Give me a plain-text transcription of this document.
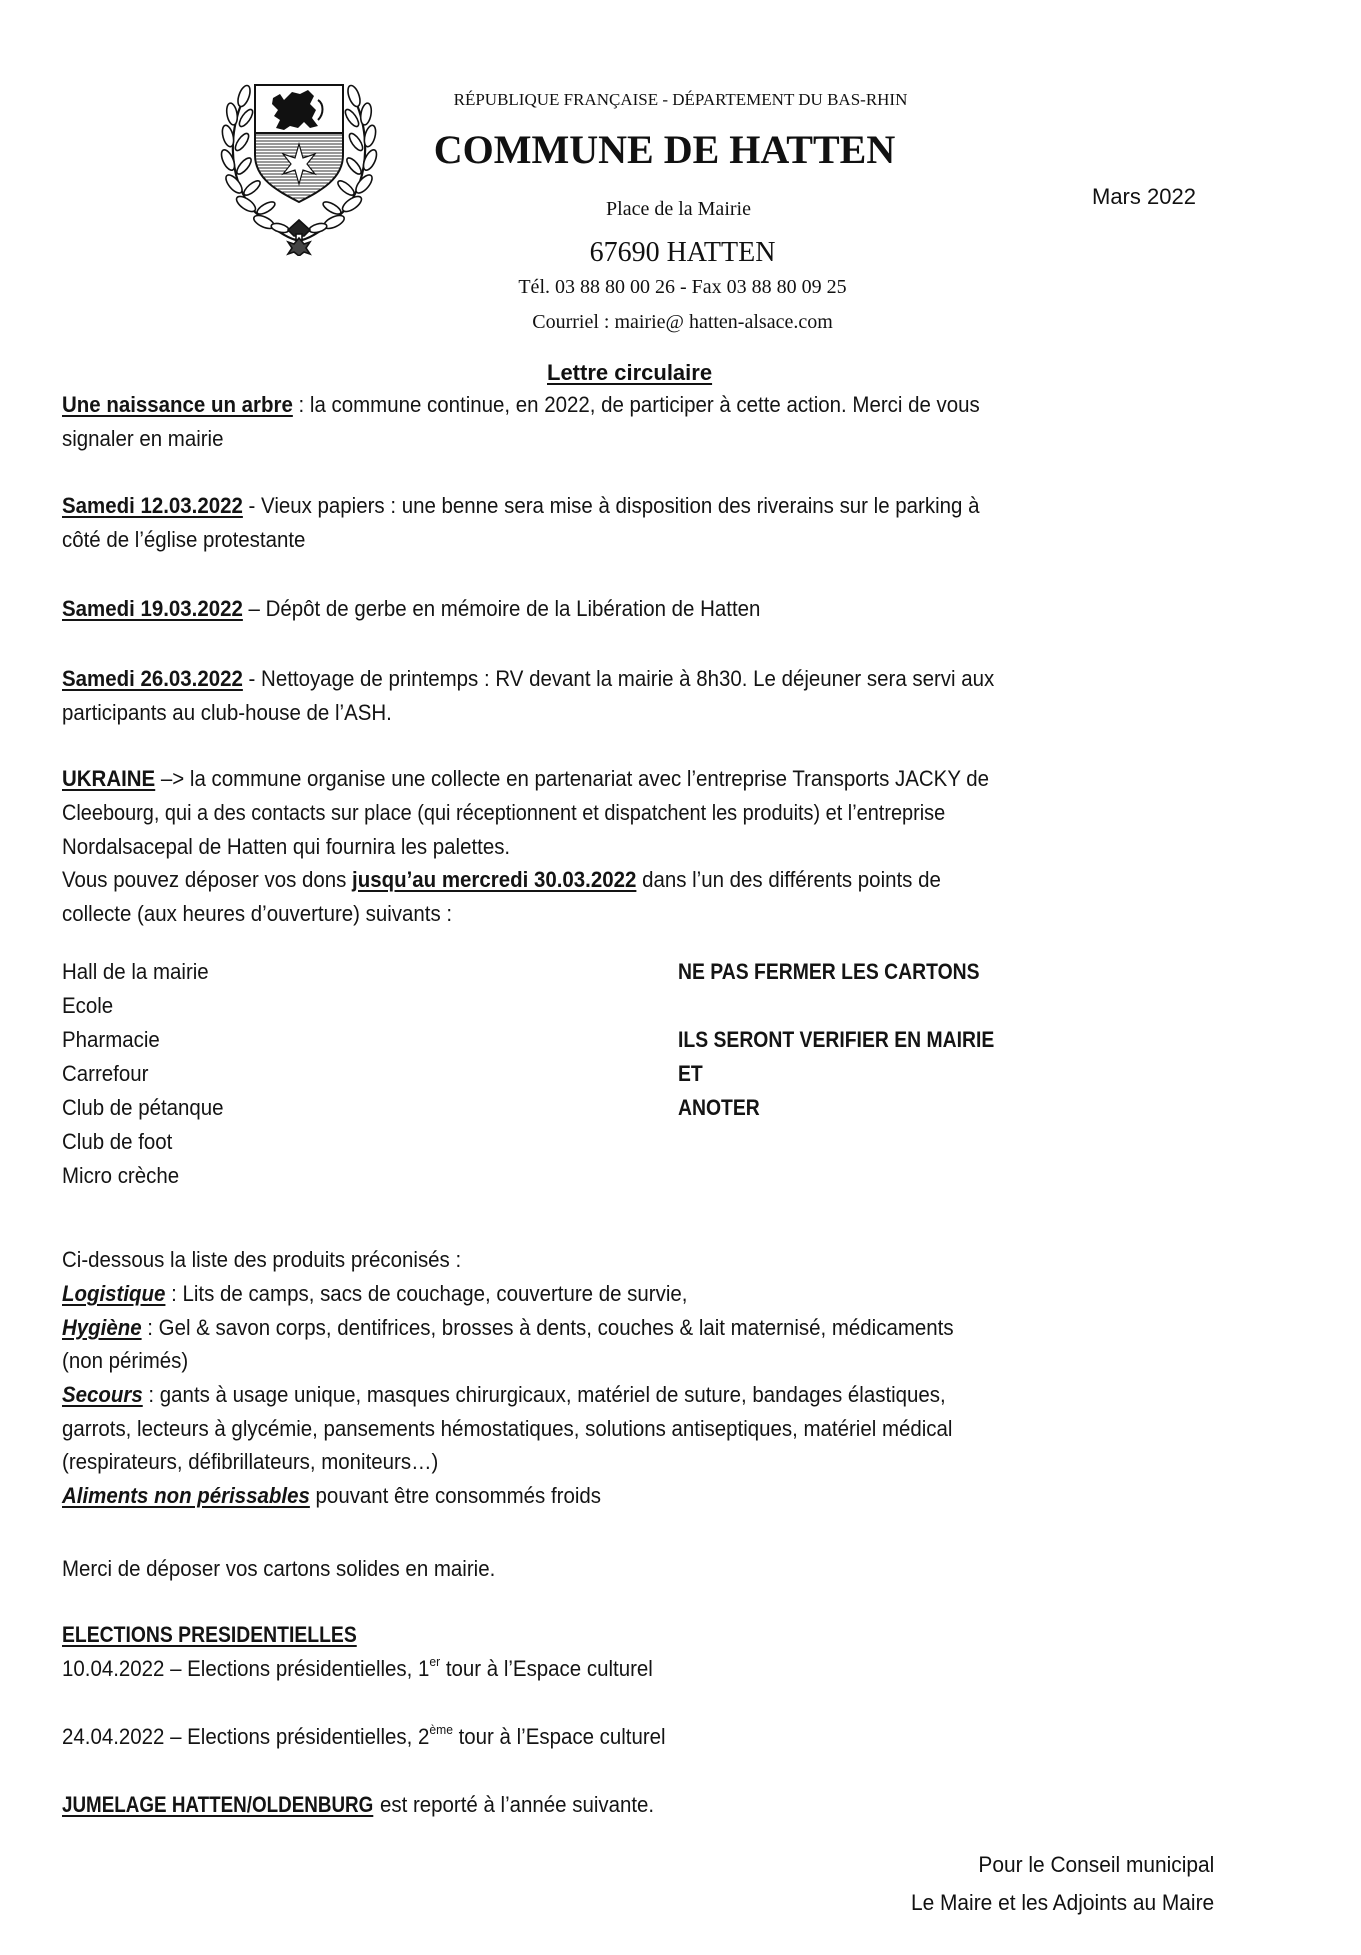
RÉPUBLIQUE FRANÇAISE - DÉPARTEMENT DU BAS-RHIN
COMMUNE DE HATTEN
Place de la Mairie
67690 HATTEN
Tél. 03 88 80 00 26 - Fax 03 88 80 09 25
Courriel : mairie@ hatten-alsace.com
Mars 2022
Lettre circulaire
Une naissance un arbre : la commune continue, en 2022, de participer à cette action. Merci de vous
signaler en mairie
Samedi 12.03.2022 - Vieux papiers : une benne sera mise à disposition des riverains sur le parking à
côté de l’église protestante
Samedi 19.03.2022 – Dépôt de gerbe en mémoire de la Libération de Hatten
Samedi 26.03.2022 - Nettoyage de printemps : RV devant la mairie à 8h30. Le déjeuner sera servi aux
participants au club-house de l’ASH.
UKRAINE –> la commune organise une collecte en partenariat avec l’entreprise Transports JACKY de
Cleebourg, qui a des contacts sur place (qui réceptionnent et dispatchent les produits) et l’entreprise
Nordalsacepal de Hatten qui fournira les palettes.
Vous pouvez déposer vos dons jusqu’au mercredi 30.03.2022 dans l’un des différents points de
collecte (aux heures d’ouverture) suivants :
Hall de la mairie
Ecole
Pharmacie
Carrefour
Club de pétanque
Club de foot
Micro crèche
NE PAS FERMER LES CARTONS
ILS SERONT VERIFIER EN MAIRIE
ET
ANOTER
Ci-dessous la liste des produits préconisés :
Logistique : Lits de camps, sacs de couchage, couverture de survie,
Hygiène : Gel & savon corps, dentifrices, brosses à dents, couches & lait maternisé, médicaments
(non périmés)
Secours : gants à usage unique, masques chirurgicaux, matériel de suture, bandages élastiques,
garrots, lecteurs à glycémie, pansements hémostatiques, solutions antiseptiques, matériel médical
(respirateurs, défibrillateurs, moniteurs…)
Aliments non périssables pouvant être consommés froids
Merci de déposer vos cartons solides en mairie.
ELECTIONS PRESIDENTIELLES
10.04.2022 – Elections présidentielles, 1er tour à l’Espace culturel
24.04.2022 – Elections présidentielles, 2ème tour à l’Espace culturel
JUMELAGE HATTEN/OLDENBURG est reporté à l’année suivante.
Pour le Conseil municipal
Le Maire et les Adjoints au Maire
